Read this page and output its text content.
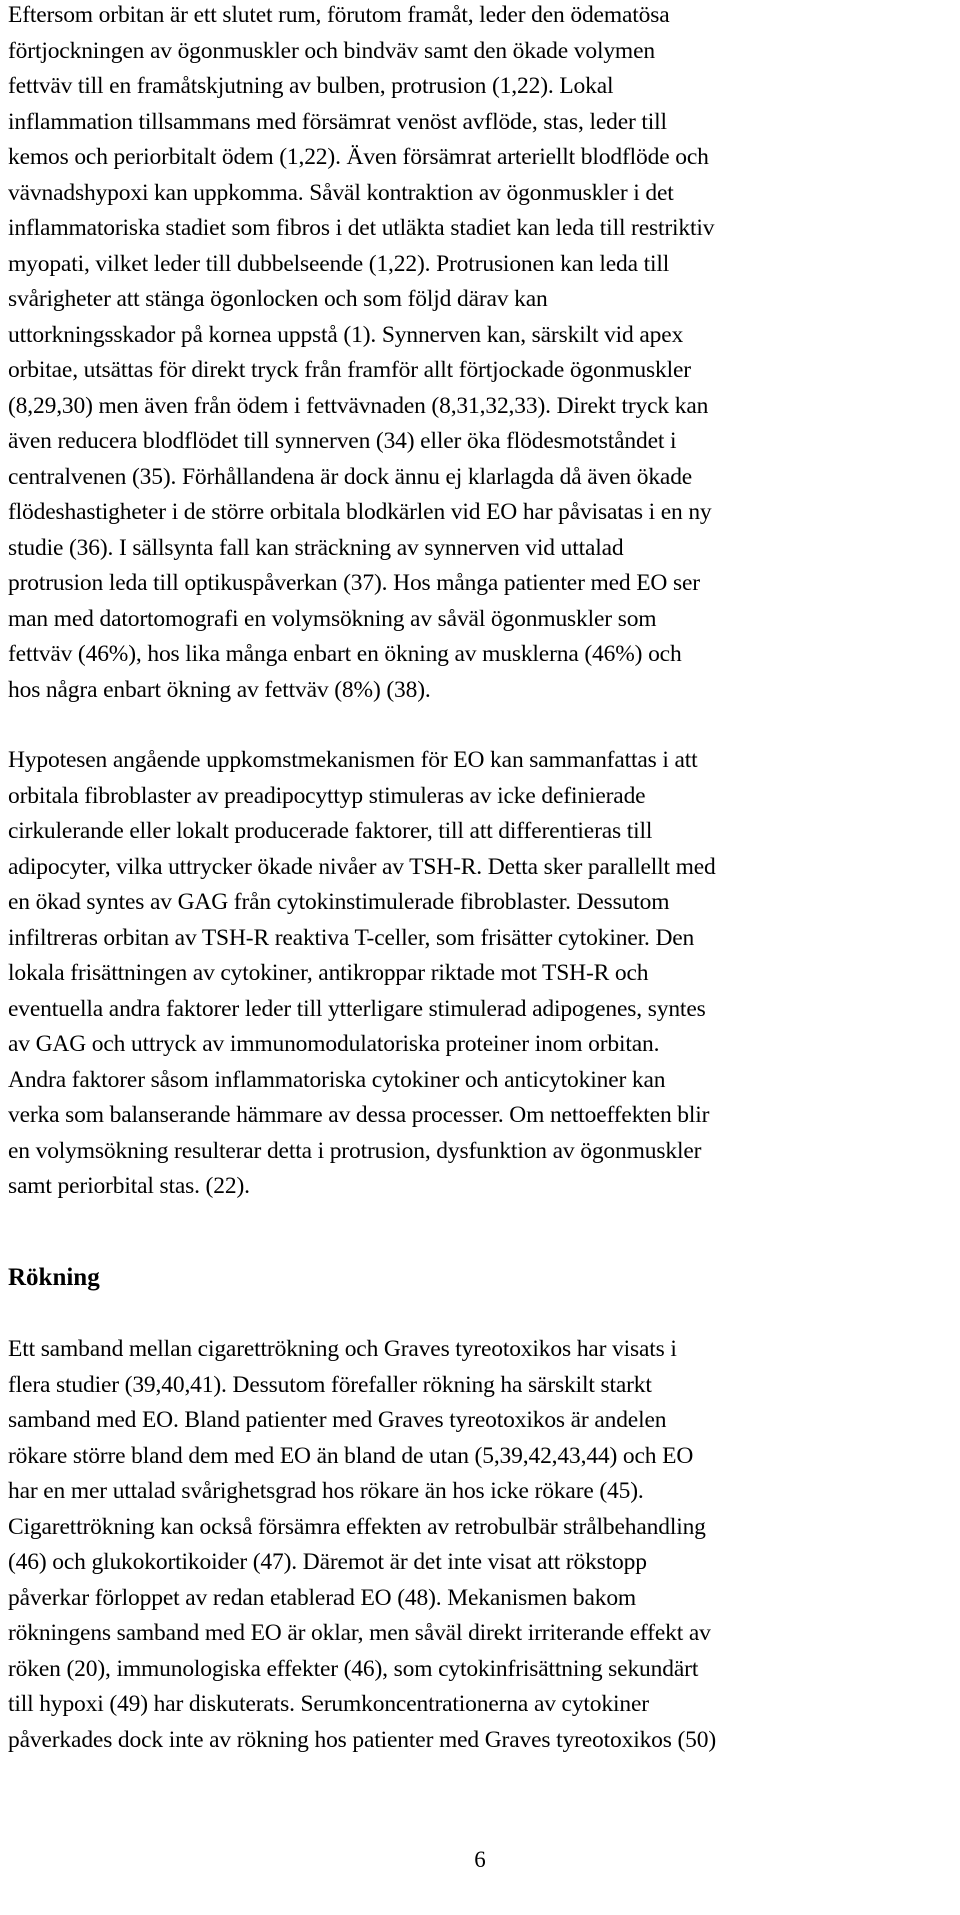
Eftersom orbitan är ett slutet rum, förutom framåt, leder den ödematösa
förtjockningen av ögonmuskler och bindväv samt den ökade volymen
fettväv till en framåtskjutning av bulben, protrusion (1,22). Lokal
inflammation tillsammans med försämrat venöst avflöde, stas, leder till
kemos och periorbitalt ödem (1,22). Även försämrat arteriellt blodflöde och
vävnadshypoxi kan uppkomma. Såväl kontraktion av ögonmuskler i det
inflammatoriska stadiet som fibros i det utläkta stadiet kan leda till restriktiv
myopati, vilket leder till dubbelseende (1,22). Protrusionen kan leda till
svårigheter att stänga ögonlocken och som följd därav kan
uttorkningsskador på kornea uppstå (1). Synnerven kan, särskilt vid apex
orbitae, utsättas för direkt tryck från framför allt förtjockade ögonmuskler
(8,29,30) men även från ödem i fettvävnaden (8,31,32,33). Direkt tryck kan
även reducera blodflödet till synnerven (34) eller öka flödesmotståndet i
centralvenen (35). Förhållandena är dock ännu ej klarlagda då även ökade
flödeshastigheter i de större orbitala blodkärlen vid EO har påvisatas i en ny
studie (36). I sällsynta fall kan sträckning av synnerven vid uttalad
protrusion leda till optikuspåverkan (37). Hos många patienter med EO ser
man med datortomografi en volymsökning av såväl ögonmuskler som
fettväv (46%), hos lika många enbart en ökning av musklerna (46%) och
hos några enbart ökning av fettväv (8%) (38).
Hypotesen angående uppkomstmekanismen för EO kan sammanfattas i att
orbitala fibroblaster av preadipocyttyp stimuleras av icke definierade
cirkulerande eller lokalt producerade faktorer, till att differentieras till
adipocyter, vilka uttrycker ökade nivåer av TSH-R. Detta sker parallellt med
en ökad syntes av GAG från cytokinstimulerade fibroblaster. Dessutom
infiltreras orbitan av TSH-R reaktiva T-celler, som frisätter cytokiner. Den
lokala frisättningen av cytokiner, antikroppar riktade mot TSH-R och
eventuella andra faktorer leder till ytterligare stimulerad adipogenes, syntes
av GAG och uttryck av immunomodulatoriska proteiner inom orbitan.
Andra faktorer såsom inflammatoriska cytokiner och anticytokiner kan
verka som balanserande hämmare av dessa processer. Om nettoeffekten blir
en volymsökning resulterar detta i protrusion, dysfunktion av ögonmuskler
samt periorbital stas. (22).
Rökning
Ett samband mellan cigarettrökning och Graves tyreotoxikos har visats i
flera studier (39,40,41). Dessutom förefaller rökning ha särskilt starkt
samband med EO. Bland patienter med Graves tyreotoxikos är andelen
rökare större bland dem med EO än bland de utan (5,39,42,43,44) och EO
har en mer uttalad svårighetsgrad hos rökare än hos icke rökare (45).
Cigarettrökning kan också försämra effekten av retrobulbär strålbehandling
(46) och glukokortikoider (47). Däremot är det inte visat att rökstopp
påverkar förloppet av redan etablerad EO (48). Mekanismen bakom
rökningens samband med EO är oklar, men såväl direkt irriterande effekt av
röken (20), immunologiska effekter (46), som cytokinfrisättning sekundärt
till hypoxi (49) har diskuterats. Serumkoncentrationerna av cytokiner
påverkades dock inte av rökning hos patienter med Graves tyreotoxikos (50)
6
